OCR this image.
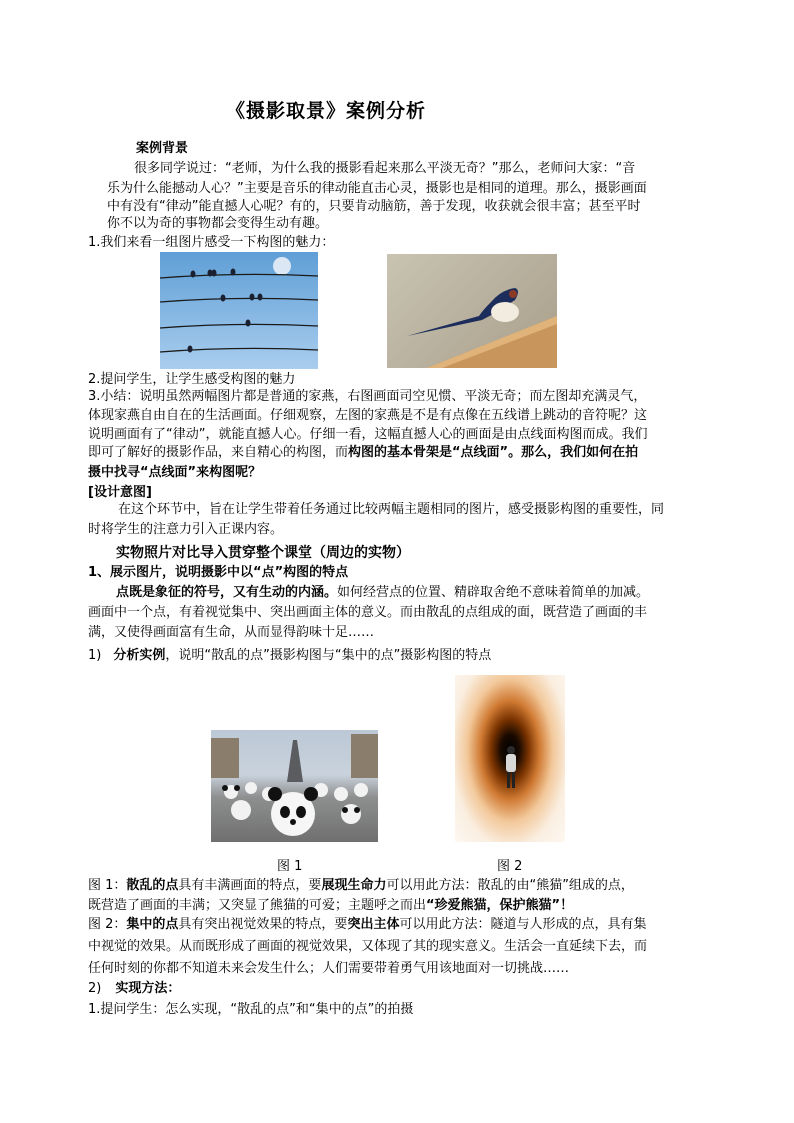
《摄影取景》案例分析
案例背景
很多同学说过：“老师，为什么我的摄影看起来那么平淡无奇？”那么，老师问大家：“音
乐为什么能撼动人心？”主要是音乐的律动能直击心灵，摄影也是相同的道理。那么，摄影画面
中有没有“律动”能直撼人心呢？有的，只要肯动脑筋，善于发现，收获就会很丰富；甚至平时
你不以为奇的事物都会变得生动有趣。
1.我们来看一组图片感受一下构图的魅力：
2.提问学生，让学生感受构图的魅力
3.小结：说明虽然两幅图片都是普通的家燕，右图画面司空见惯、平淡无奇；而左图却充满灵气，
体现家燕自由自在的生活画面。仔细观察，左图的家燕是不是有点像在五线谱上跳动的音符呢？这
说明画面有了“律动”，就能直撼人心。仔细一看，这幅直撼人心的画面是由点线面构图而成。我们
即可了解好的摄影作品，来自精心的构图，而构图的基本骨架是“点线面”。那么，我们如何在拍
摄中找寻“点线面”来构图呢？
[设计意图]
在这个环节中，旨在让学生带着任务通过比较两幅主题相同的图片，感受摄影构图的重要性，同
时将学生的注意力引入正课内容。
实物照片对比导入贯穿整个课堂（周边的实物）
1、展示图片，说明摄影中以“点”构图的特点
点既是象征的符号，又有生动的内涵。如何经营点的位置、精辟取舍绝不意味着简单的加减。
画面中一个点，有着视觉集中、突出画面主体的意义。而由散乱的点组成的面，既营造了画面的丰
满，又使得画面富有生命，从而显得韵味十足……
1) 分析实例，说明“散乱的点”摄影构图与“集中的点”摄影构图的特点
图 1	图 2
图 1：散乱的点具有丰满画面的特点，要展现生命力可以用此方法：散乱的由“熊猫”组成的点，
既营造了画面的丰满；又突显了熊猫的可爱；主题呼之而出“珍爱熊猫，保护熊猫”！
图 2：集中的点具有突出视觉效果的特点，要突出主体可以用此方法：隧道与人形成的点，具有集
中视觉的效果。从而既形成了画面的视觉效果，又体现了其的现实意义。生活会一直延续下去，而
任何时刻的你都不知道未来会发生什么；人们需要带着勇气用该地面对一切挑战……
2) 实现方法：
1.提问学生：怎么实现，“散乱的点”和“集中的点”的拍摄
